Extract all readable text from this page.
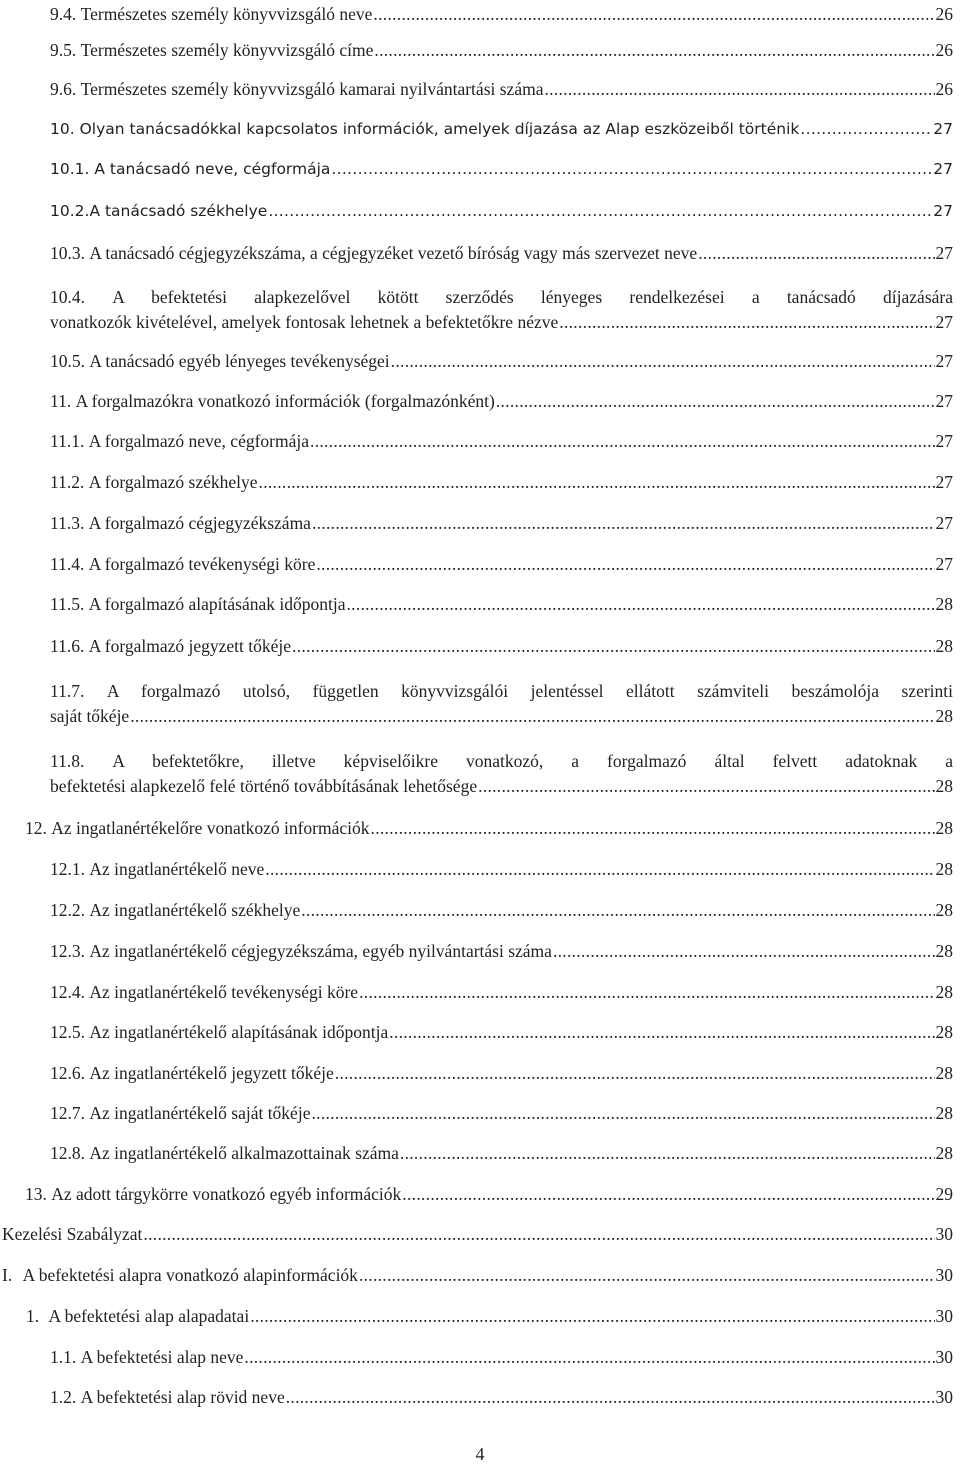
9.4.
Természetes személy könyvvizsgáló neve .....	26
9.5.
Természetes személy könyvvizsgáló címe .....	26
9.6.
Természetes személy könyvvizsgáló kamarai nyilvántartási száma .....	26
10.
Olyan tanácsadókkal kapcsolatos információk, amelyek díjazása az Alap eszközeiből történik .....	27
10.1.
A tanácsadó neve, cégformája .....	27
10.2. A tanácsadó székhelye .....	27
10.3.
A tanácsadó cégjegyzékszáma, a cégjegyzéket vezető bíróság vagy más szervezet neve .....	27
10.4. A befektetési alapkezelővel kötött szerződés lényeges rendelkezései a tanácsadó díjazására
vonatkozók kivételével, amelyek fontosak lehetnek a befektetőkre nézve .....	27
10.5.
A tanácsadó egyéb lényeges tevékenységei .....	27
11.
A forgalmazókra vonatkozó információk (forgalmazónként) .....	27
11.1.
A forgalmazó neve, cégformája .....	27
11.2.
A forgalmazó székhelye .....	27
11.3.
A forgalmazó cégjegyzékszáma .....	27
11.4.
A forgalmazó tevékenységi köre .....	27
11.5.
A forgalmazó alapításának időpontja .....	28
11.6.
A forgalmazó jegyzett tőkéje .....	28
11.7. A forgalmazó utolsó, független könyvvizsgálói jelentéssel ellátott számviteli beszámolója szerinti
saját tőkéje .....	28
11.8. A befektetőkre, illetve képviselőikre vonatkozó, a forgalmazó által felvett adatoknak a
befektetési alapkezelő felé történő továbbításának lehetősége .....	28
12.
Az ingatlanértékelőre vonatkozó információk .....	28
12.1.
Az ingatlanértékelő neve .....	28
12.2.
Az ingatlanértékelő székhelye .....	28
12.3.
Az ingatlanértékelő cégjegyzékszáma, egyéb nyilvántartási száma .....	28
12.4.
Az ingatlanértékelő tevékenységi köre .....	28
12.5.
Az ingatlanértékelő alapításának időpontja .....	28
12.6.
Az ingatlanértékelő jegyzett tőkéje .....	28
12.7.
Az ingatlanértékelő saját tőkéje .....	28
12.8.
Az ingatlanértékelő alkalmazottainak száma .....	28
13.
Az adott tárgykörre vonatkozó egyéb információk .....	29
Kezelési Szabályzat .....	30
I. A befektetési alapra vonatkozó alapinformációk .....	30
1. A befektetési alap alapadatai .....	30
1.1.
A befektetési alap neve .....	30
1.2.
A befektetési alap rövid neve .....	30
4
